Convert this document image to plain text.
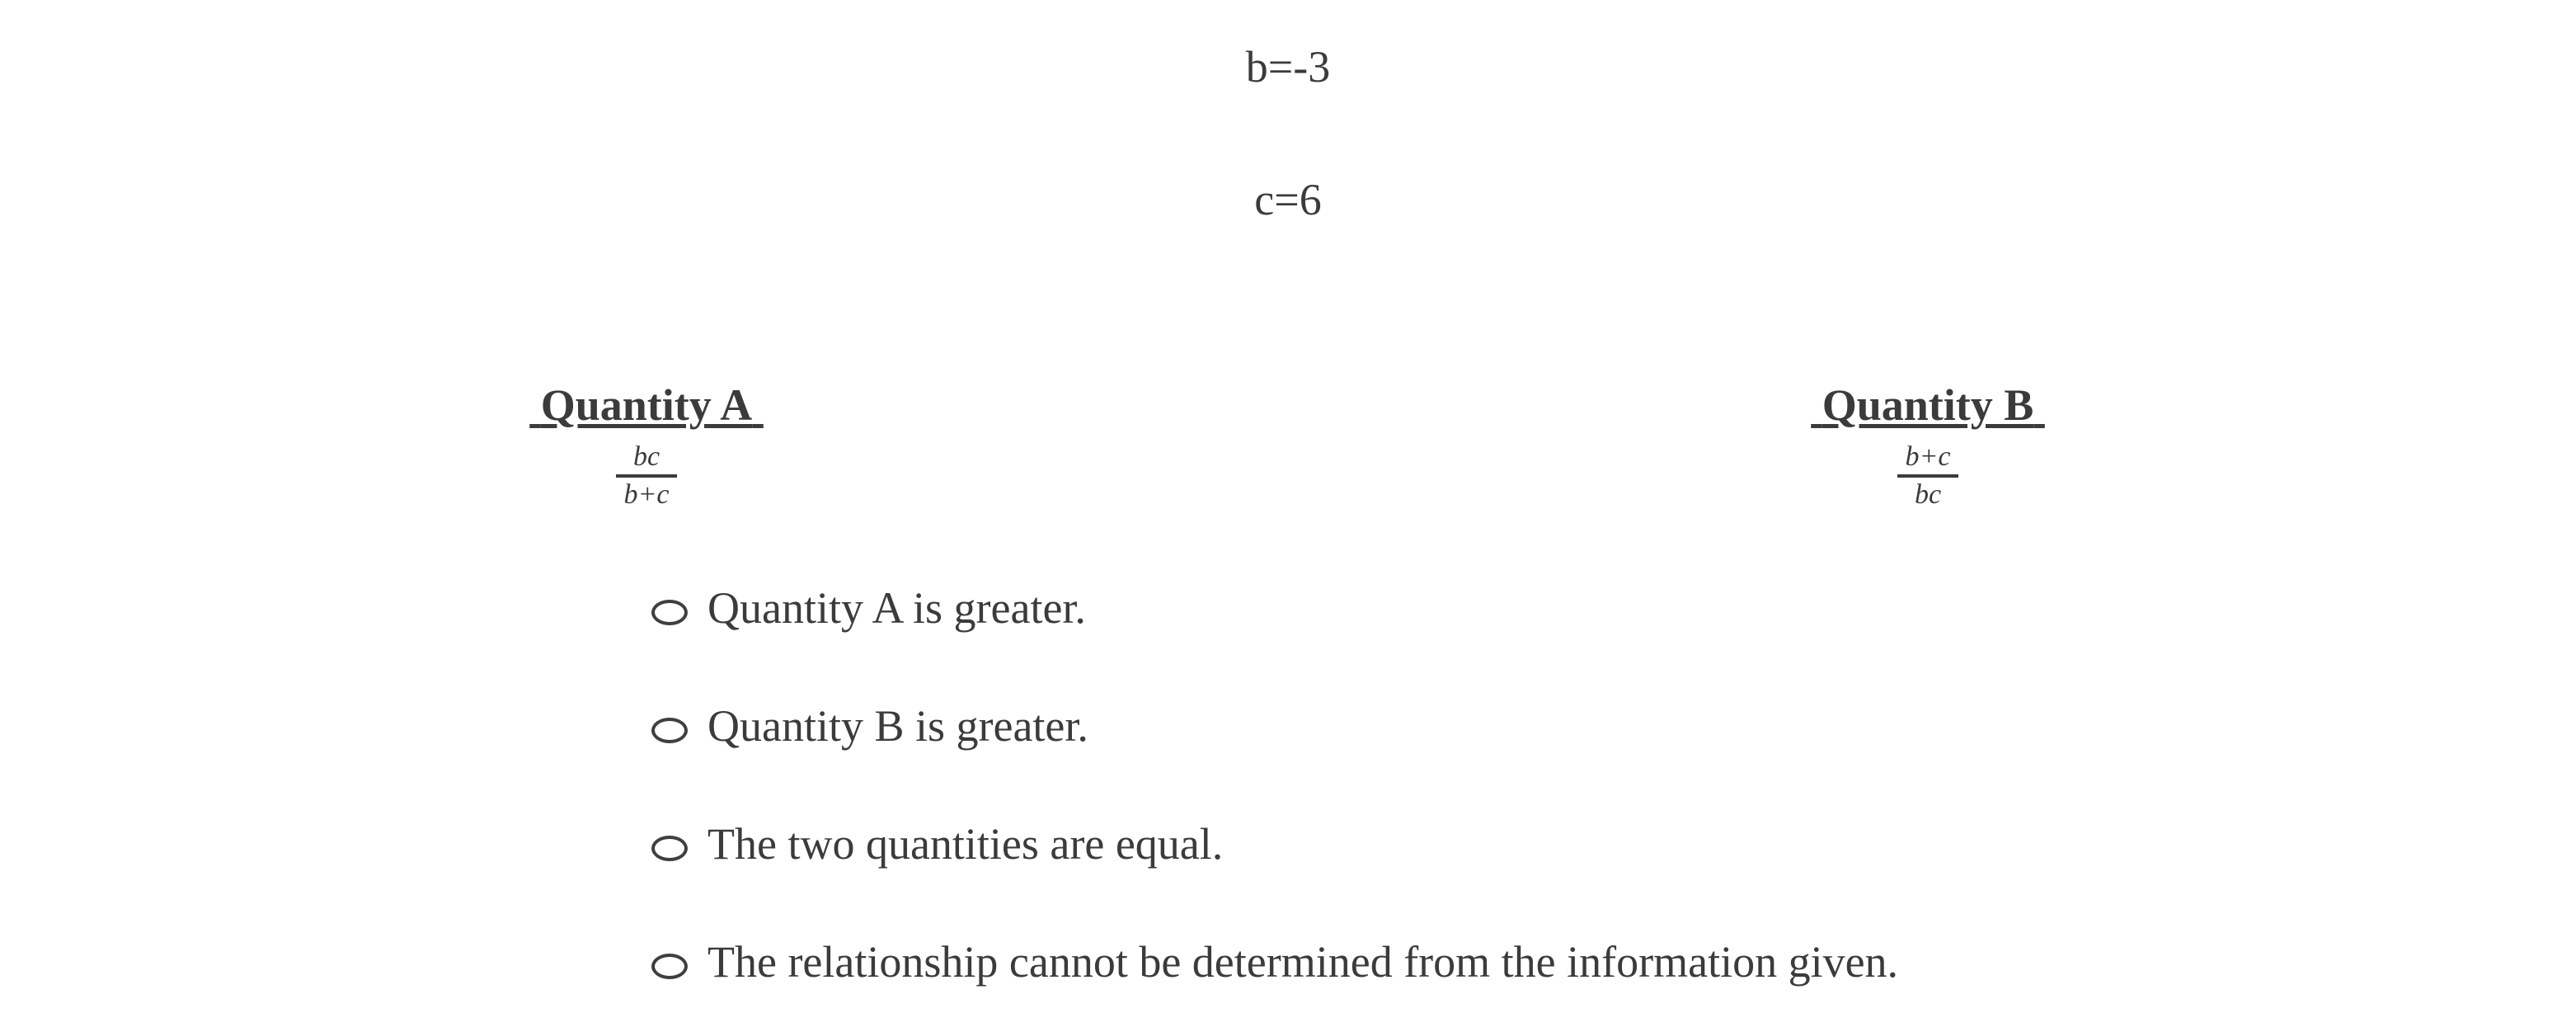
b=-3
c=6
Quantity A
$\frac{bc}{b+c}$
Quantity B
$\frac{b+c}{bc}$
Quantity A is greater.
Quantity B is greater.
The two quantities are equal.
The relationship cannot be determined from the information given.
